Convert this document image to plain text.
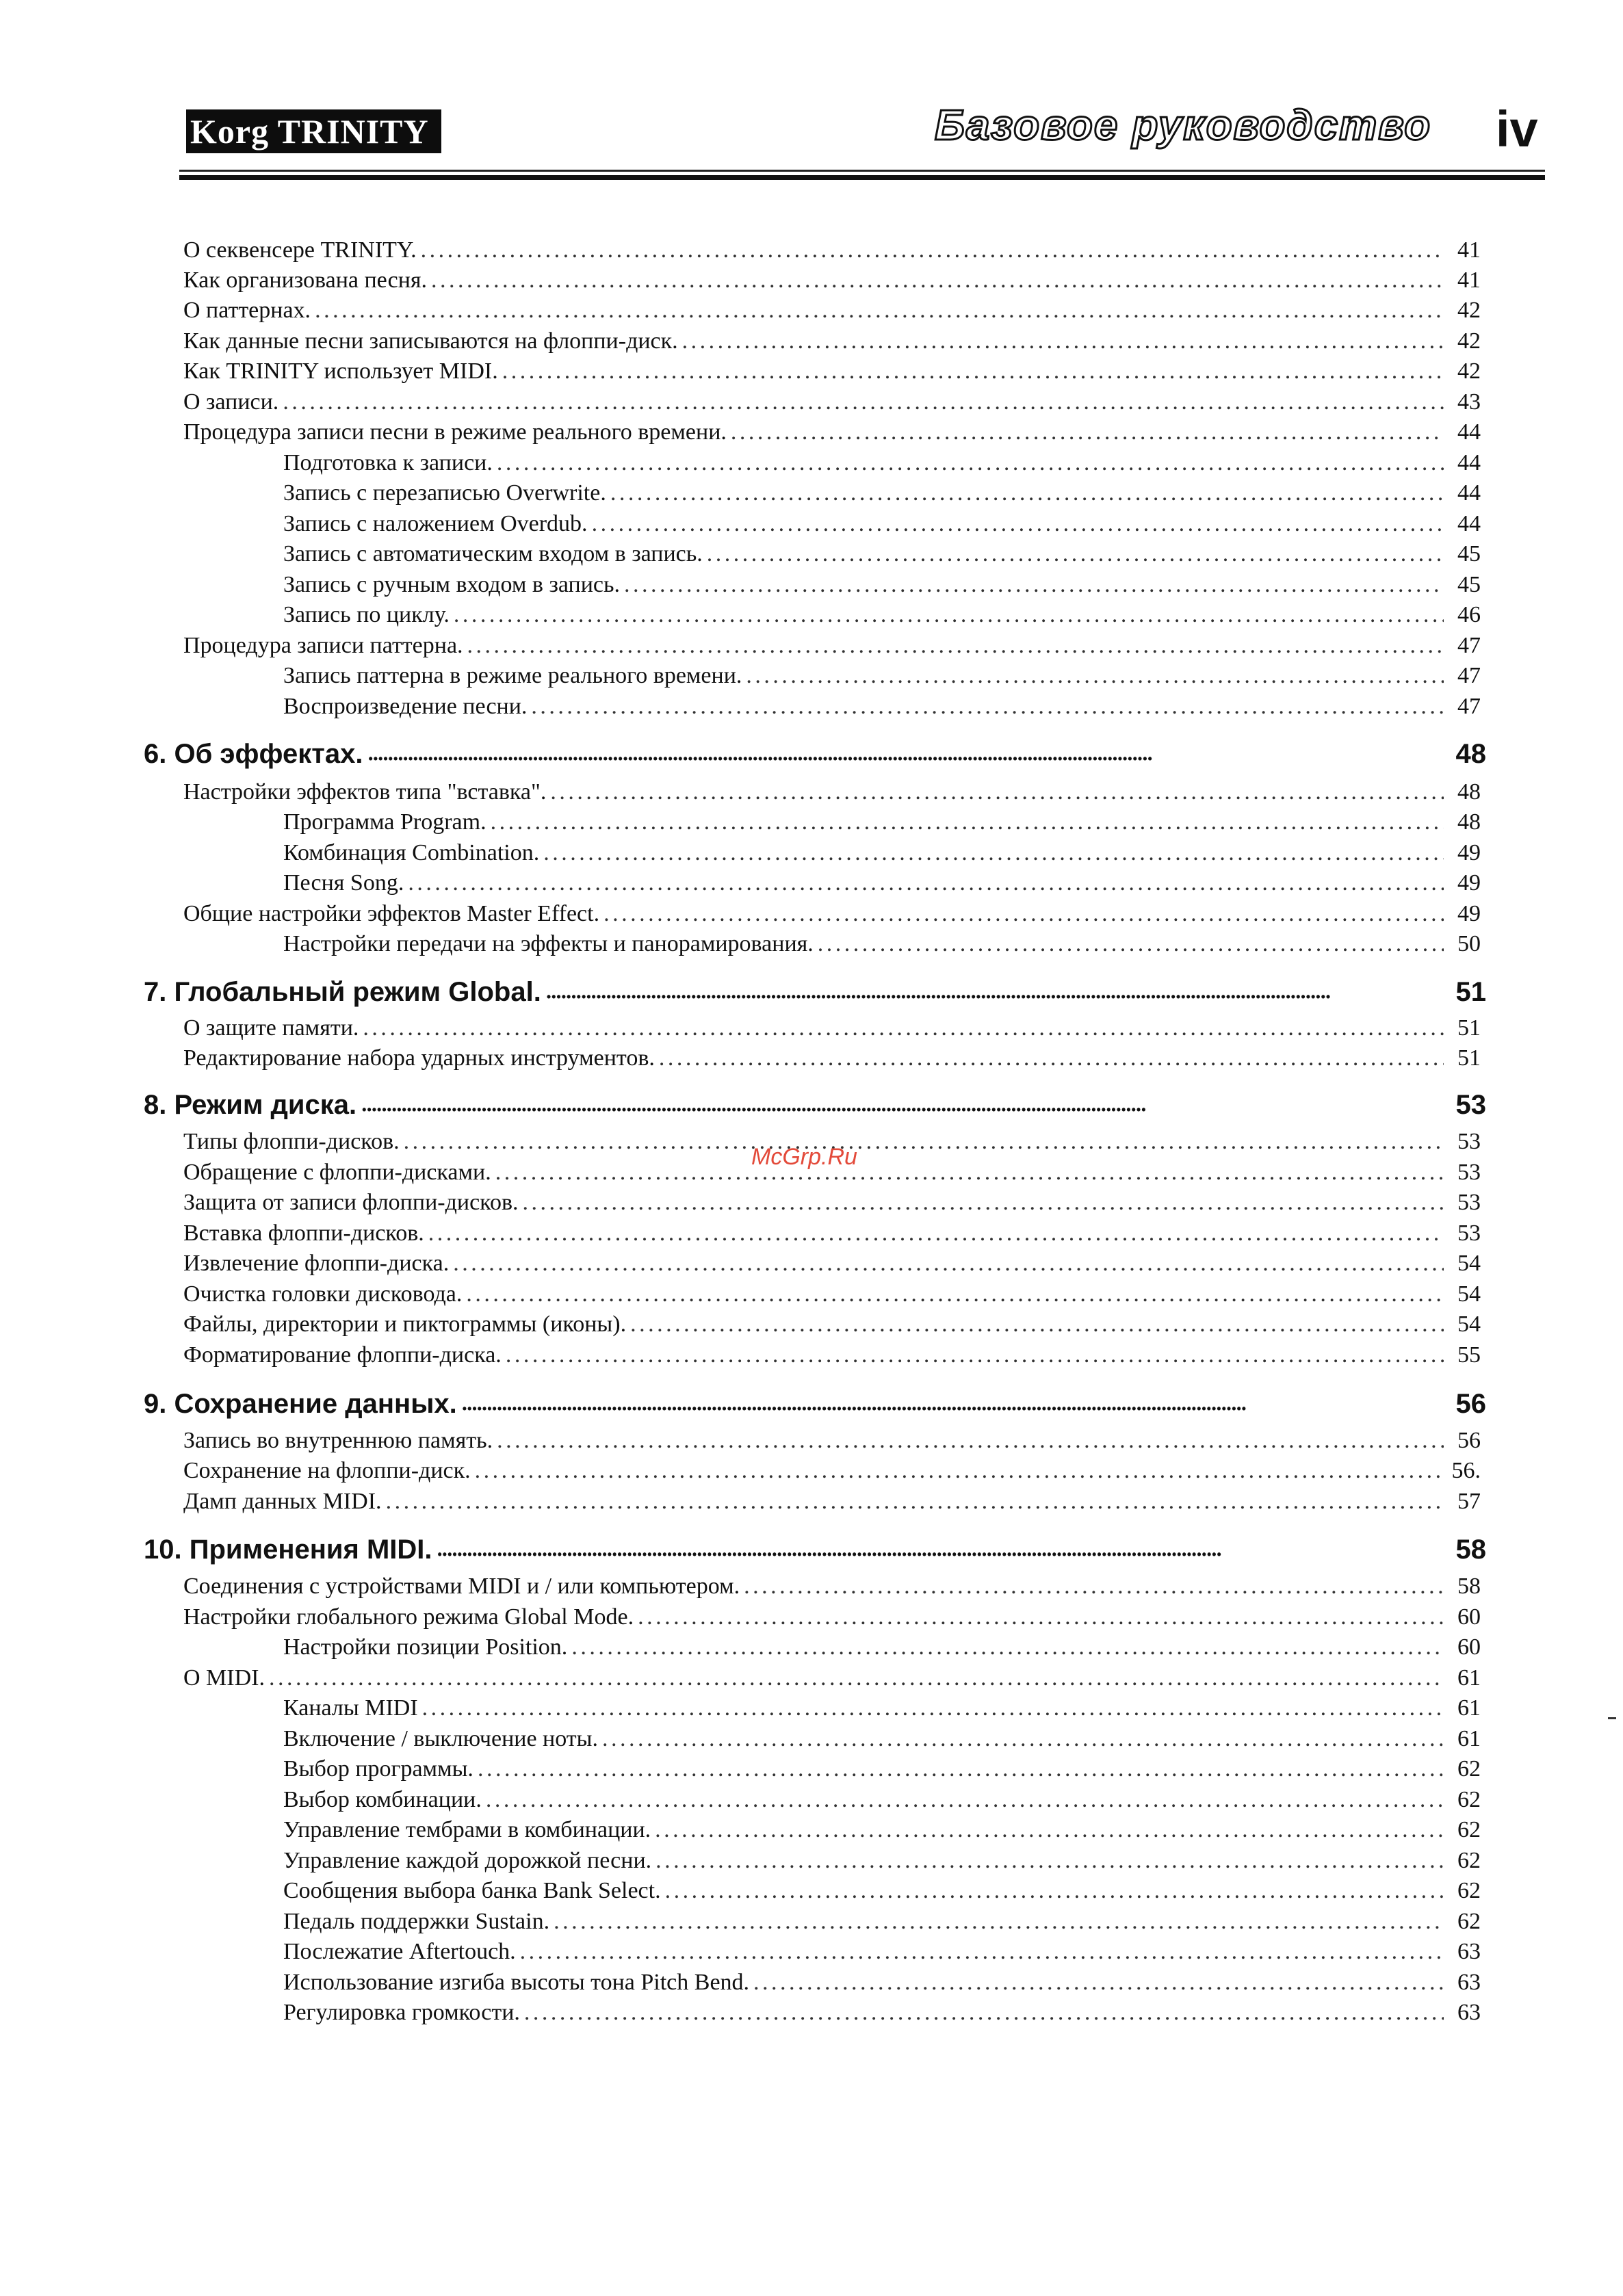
Korg TRINITY	Базовое руководство iv
О секвенсере TRINITY. . . .	41
Как организована песня. . . .	41
О паттернах. . . .	42
Как данные песни записываются на флоппи-диск. . . .	42
Как TRINITY использует MIDI. . . .	42
О записи. . . .	43
Процедура записи песни в режиме реального времени. . . .	44
Подготовка к записи. . . .	44
Запись с перезаписью Overwrite. . . .	44
Запись с наложением Overdub. . . .	44
Запись с автоматическим входом в запись. . . .	45
Запись с ручным входом в запись. . . .	45
Запись по циклу. . . .	46
Процедура записи паттерна. . . .	47
Запись паттерна в режиме реального времени. . . .	47
Воспроизведение песни. . . .	47
6. Об эффектах. •••••	48
Настройки эффектов типа "вставка". . . .	48
Программа Program. . . .	48
Комбинация Combination. . . .	49
Песня Song. . . .	49
Общие настройки эффектов Master Effect. . . .	49
Настройки передачи на эффекты и панорамирования. . . .	50
7. Глобальный режим Global. •••••	51
О защите памяти. . . .	51
Редактирование набора ударных инструментов. . . .	51
8. Режим диска. •••••	53
Типы флоппи-дисков. . . .	53
Обращение с флоппи-дисками. . . .	53
Защита от записи флоппи-дисков. . . .	53
Вставка флоппи-дисков. . . .	53
Извлечение флоппи-диска. . . .	54
Очистка головки дисковода. . . .	54
Файлы, директории и пиктограммы (иконы). . . .	54
Форматирование флоппи-диска. . . .	55
9. Сохранение данных. •••••	56
Запись во внутреннюю память. . . .	56
Сохранение на флоппи-диск. . . .	56.
Дамп данных MIDI. . . .	57
10. Применения MIDI. •••••	58
Соединения с устройствами MIDI и / или компьютером. . . .	58
Настройки глобального режима Global Mode. . . .	60
Настройки позиции Position. . . .	60
О MIDI. . . .	61
Каналы MIDI . . .	61
Включение / выключение ноты. . . .	61
Выбор программы. . . .	62
Выбор комбинации. . . .	62
Управление тембрами в комбинации. . . .	62
Управление каждой дорожкой песни. . . .	62
Сообщения выбора банка Bank Select. . . .	62
Педаль поддержки Sustain. . . .	62
Послежатие Aftertouch. . . .	63
Использование изгиба высоты тона Pitch Bend. . . .	63
Регулировка громкости. . . .	63
McGrp.Ru
